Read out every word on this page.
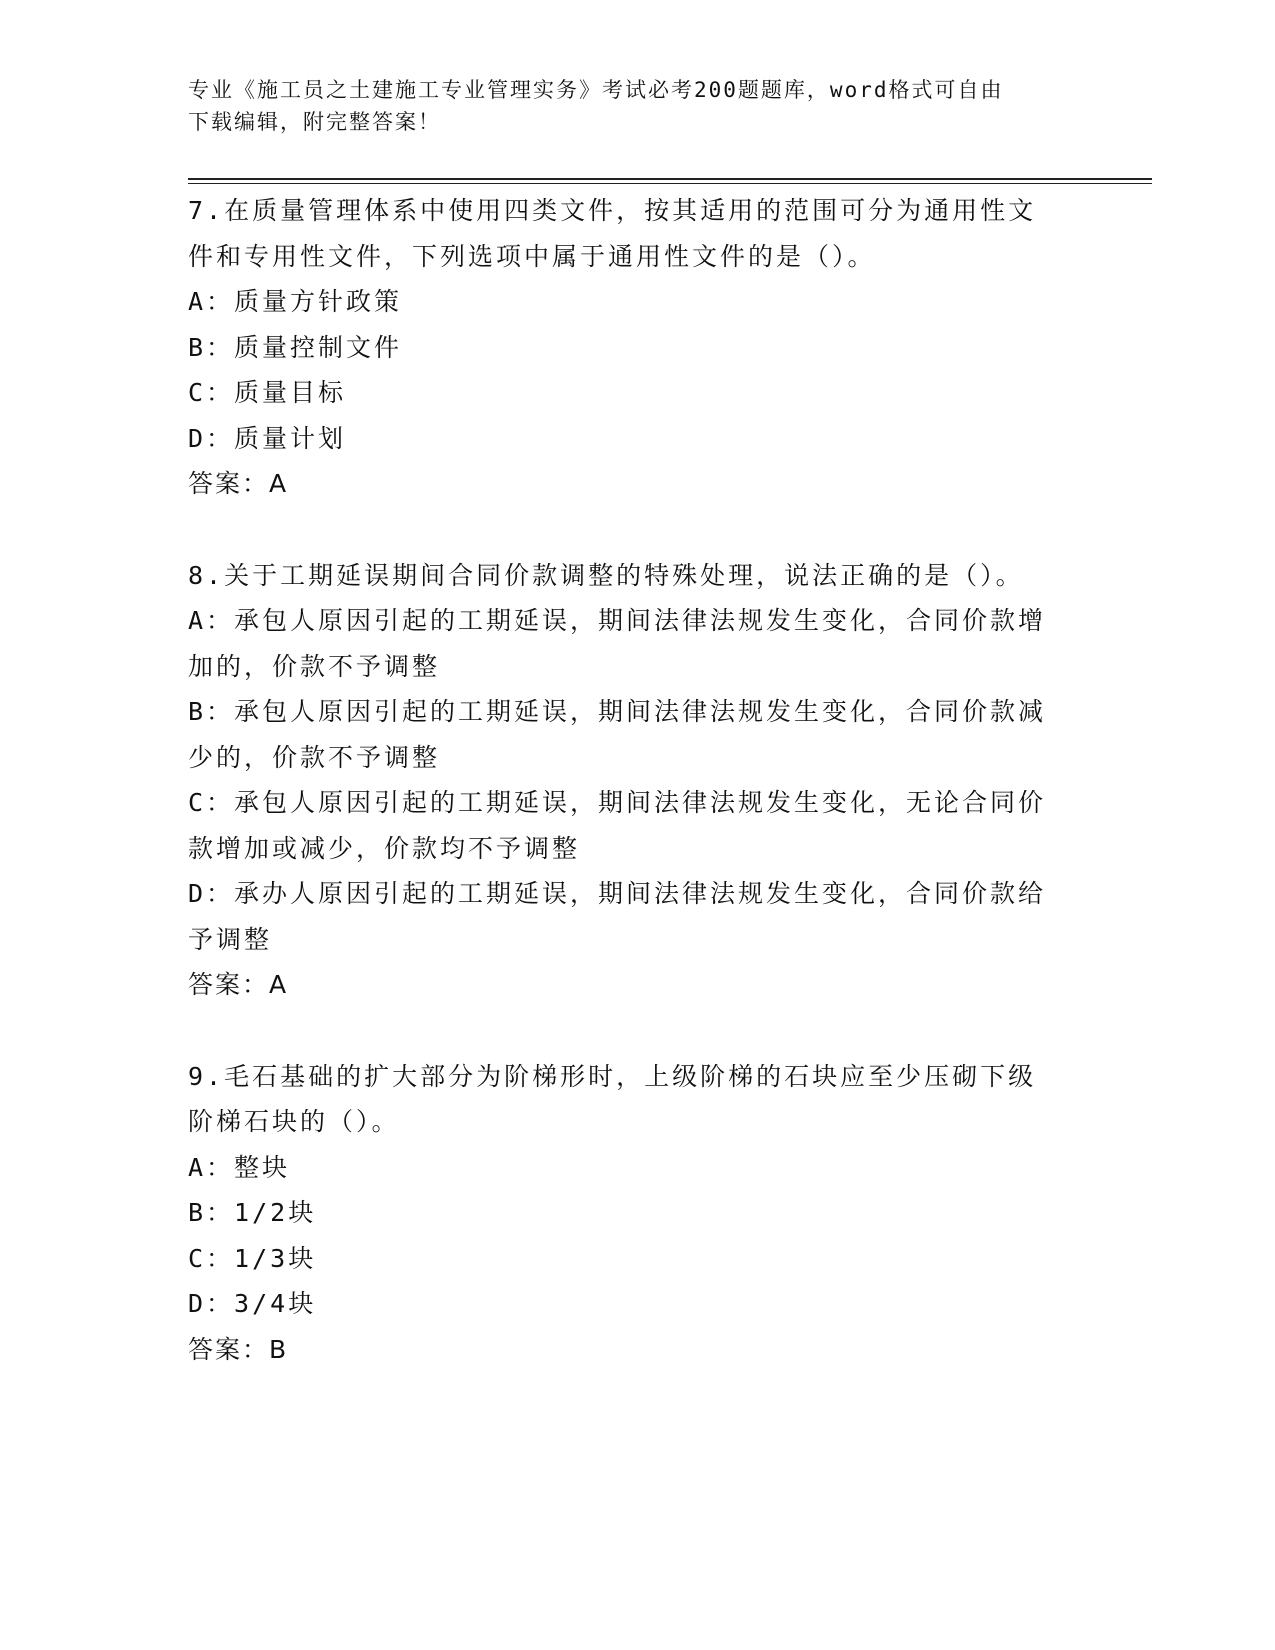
专业《施工员之土建施工专业管理实务》考试必考200题题库，word格式可自由
下载编辑，附完整答案！
7.在质量管理体系中使用四类文件，按其适用的范围可分为通用性文
件和专用性文件，下列选项中属于通用性文件的是（）。
A：质量方针政策
B：质量控制文件
C：质量目标
D：质量计划
答案：A
8.关于工期延误期间合同价款调整的特殊处理，说法正确的是（）。
A：承包人原因引起的工期延误，期间法律法规发生变化，合同价款增
加的，价款不予调整
B：承包人原因引起的工期延误，期间法律法规发生变化，合同价款减
少的，价款不予调整
C：承包人原因引起的工期延误，期间法律法规发生变化，无论合同价
款增加或减少，价款均不予调整
D：承办人原因引起的工期延误，期间法律法规发生变化，合同价款给
予调整
答案：A
9.毛石基础的扩大部分为阶梯形时，上级阶梯的石块应至少压砌下级
阶梯石块的（）。
A：整块
B：1/2块
C：1/3块
D：3/4块
答案：B
